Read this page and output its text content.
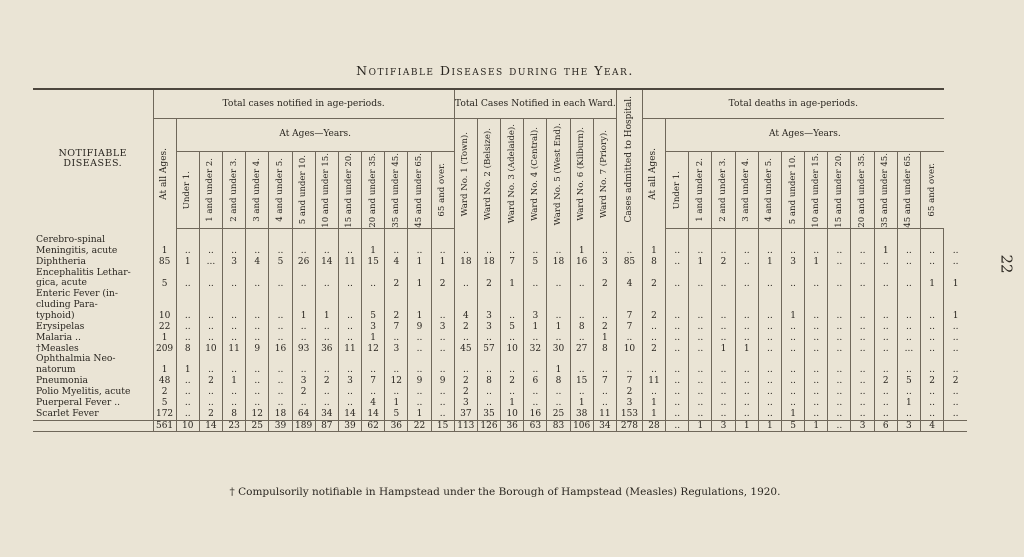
22
Notifiable Diseases during the Year.
NOTIFIABLE DISEASES.	Total cases notified in age-periods.													Total Cases Notified in each Ward.							Cases admitted to Hospital.	Total deaths in age-periods.													

	At all Ages.	At Ages—Years.												Ward No. 1 (Town).	Ward No. 2 (Belsize).	Ward No. 3 (Adelaide).	Ward No. 4 (Central).	Ward No. 5 (West End).	Ward No. 6 (Kilburn).	Ward No. 7 (Priory).		At all Ages.	At Ages—Years.												

		Under 1.	1 and under 2.	2 and under 3.	3 and under 4.	4 and under 5.	5 and under 10.	10 and under 15.	15 and under 20.	20 and under 35.	35 and under 45.	45 and under 65.	65 and over.										Under 1.	1 and under 2.	2 and under 3.	3 and under 4.	4 and under 5.	5 and under 10.	10 and under 15.	15 and under 20.	20 and under 35.	35 and under 45.	45 and under 65.	65 and over.	

Cerebro-spinal																																			
Meningitis, acute	1	..	..	..	..	..	..	..	..	1	..	..	..	..	..	..	..	..	1	..	..	1	..	..	..	..	..	..	..	..	..	1	..	..	..
Diphtheria	85	1	...	3	4	5	26	14	11	15	4	1	1	18	18	7	5	18	16	3	85	8	..	1	2	..	1	3	1	..	..	..	..	..	..
Encephalitis Lethar-																																			
gica, acute	5	..	..	..	..	..	..	..	..	..	2	1	2	..	2	1	..	..	..	2	4	2	..	..	..	..	..	..	..	..	..	..	..	1	1
Enteric Fever (in-																																			
cluding Para-																																			
typhoid)	10	..	..	..	..	..	1	1	..	5	2	1	..	4	3	..	3	..	..	..	7	2	..	..	..	..	..	1	..	..	..	..	..	..	1
Erysipelas	22	..	..	..	..	..	..	..	..	3	7	9	3	2	3	5	1	1	8	2	7	..	..	..	..	..	..	..	..	..	..	..	..	..	..
Malaria ..	1	..	..	..	..	..	..	..	..	1	..	..	..	..	..	..	..	..	..	1	..	..	..	..	..	..	..	..	..	..	..	..	..	..	..
†Measles	209	8	10	11	9	16	93	36	11	12	3	..	..	45	57	10	32	30	27	8	10	2	..	..	1	1	..	..	..	..	..	..	...	..	..
Ophthalmia Neo-																																			
natorum	1	1	..	..	..	..	..	..	..	..	..	..	..	..	..	..	..	1	..	..	..	..	..	..	..	..	..	..	..	..	..	..	..	..	..
Pneumonia	48	..	2	1	..	..	3	2	3	7	12	9	9	2	8	2	6	8	15	7	7	11	..	..	..	..	..	..	..	..	..	2	5	2	2
Polio Myelitis, acute	2	..	..	..	..	..	2	..	..	..	..	..	..	2	..	..	..	..	..	..	2	..	..	..	..	..	..	..	..	..	..	..	..	..	..
Puerperal Fever ..	5	..	..	..	..	..	..	..	..	4	1	..	..	3	..	1	..	..	1	..	3	1	..	..	..	..	..	..	..	..	..	..	1	..	..
Scarlet Fever	172	..	2	8	12	18	64	34	14	14	5	1	..	37	35	10	16	25	38	11	153	1	..	..	..	..	..	1	..	..	..	..	..	..	..
	561	10	14	23	25	39	189	87	39	62	36	22	15	113	126	36	63	83	106	34	278	28	..	1	3	1	1	5	1	..	3	6	3	4	
† Compulsorily notifiable in Hampstead under the Borough of Hampstead (Measles) Regulations, 1920.
